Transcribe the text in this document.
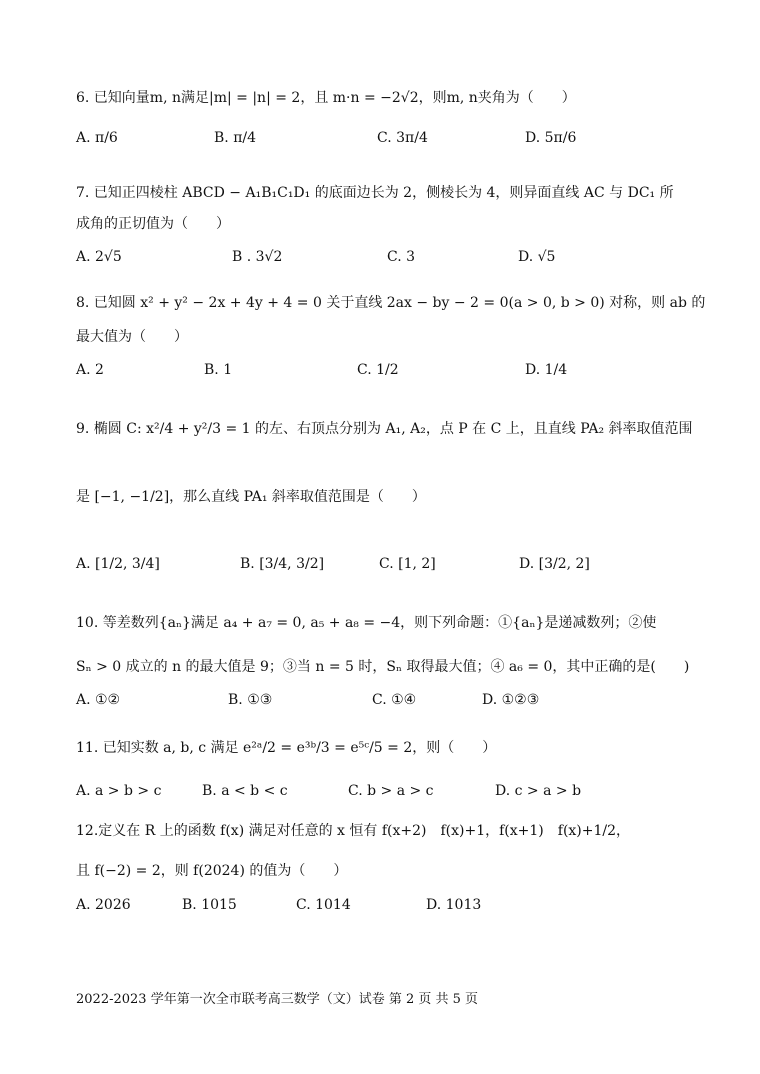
6. 已知向量m, n满足|m| = |n| = 2，且 m·n = −2√2，则m, n夹角为（　　）
A. π/6	B. π/4	C. 3π/4	D. 5π/6
7. 已知正四棱柱 ABCD − A₁B₁C₁D₁ 的底面边长为 2，侧棱长为 4，则异面直线 AC 与 DC₁ 所
成角的正切值为（　　）
A. 2√5	B . 3√2	C. 3	D. √5
8. 已知圆 x² + y² − 2x + 4y + 4 = 0 关于直线 2ax − by − 2 = 0(a > 0, b > 0) 对称，则 ab 的
最大值为（　　）
A. 2	B. 1	C. 1/2	D. 1/4
9. 椭圆 C: x²/4 + y²/3 = 1 的左、右顶点分别为 A₁, A₂，点 P 在 C 上，且直线 PA₂ 斜率取值范围
是 [−1, −1/2]，那么直线 PA₁ 斜率取值范围是（　　）
A. [1/2, 3/4]	B. [3/4, 3/2]	C. [1, 2]	D. [3/2, 2]
10. 等差数列{aₙ}满足 a₄ + a₇ = 0, a₅ + a₈ = −4，则下列命题：①{aₙ}是递减数列；②使
Sₙ > 0 成立的 n 的最大值是 9；③当 n = 5 时，Sₙ 取得最大值；④ a₆ = 0，其中正确的是(　　)
A. ①②	B. ①③	C. ①④	D. ①②③
11. 已知实数 a, b, c 满足 e²ᵃ/2 = e³ᵇ/3 = e⁵ᶜ/5 = 2，则（　　）
A. a > b > c	B. a < b < c	C. b > a > c	D. c > a > b
12.定义在 R 上的函数 f(x) 满足对任意的 x 恒有 f(x+2)　f(x)+1，f(x+1)　f(x)+1/2，
且 f(−2) = 2，则 f(2024) 的值为（　　）
A. 2026	B. 1015	C. 1014	D. 1013
2022-2023 学年第一次全市联考高三数学（文）试卷 第 2 页 共 5 页
